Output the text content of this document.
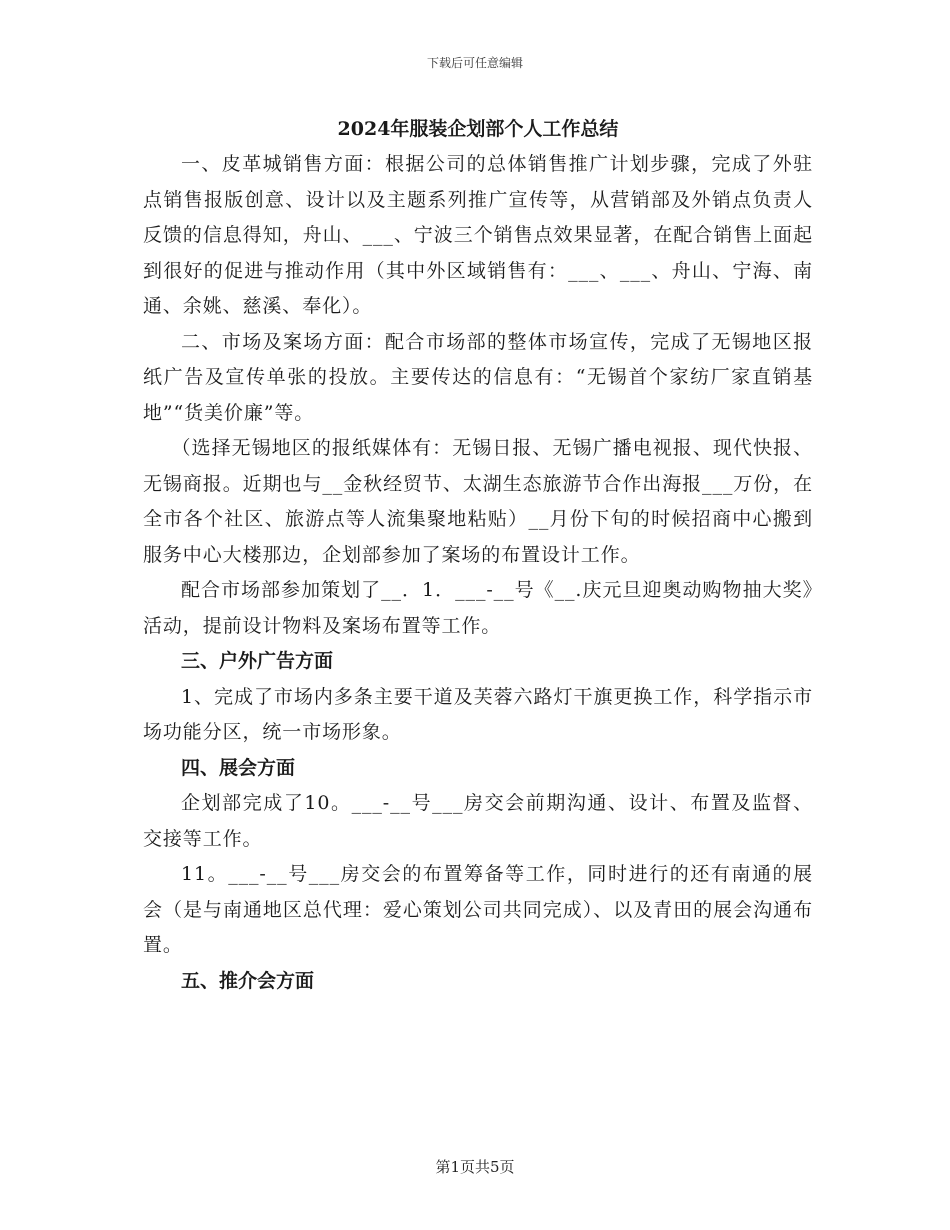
下载后可任意编辑
2024年服装企划部个人工作总结

一、皮革城销售方面：根据公司的总体销售推广计划步骤，完成了外驻点销售报版创意、设计以及主题系列推广宣传等，从营销部及外销点负责人反馈的信息得知，舟山、___、宁波三个销售点效果显著，在配合销售上面起到很好的促进与推动作用（其中外区域销售有：___、___、舟山、宁海、南通、余姚、慈溪、奉化）。

二、市场及案场方面：配合市场部的整体市场宣传，完成了无锡地区报纸广告及宣传单张的投放。主要传达的信息有：“无锡首个家纺厂家直销基地”“货美价廉”等。

（选择无锡地区的报纸媒体有：无锡日报、无锡广播电视报、现代快报、无锡商报。近期也与__金秋经贸节、太湖生态旅游节合作出海报___万份，在全市各个社区、旅游点等人流集聚地粘贴）__月份下旬的时候招商中心搬到服务中心大楼那边，企划部参加了案场的布置设计工作。

配合市场部参加策划了__．1．___-__号《__.庆元旦迎奥动购物抽大奖》活动，提前设计物料及案场布置等工作。

三、户外广告方面

1、完成了市场内多条主要干道及芙蓉六路灯干旗更换工作，科学指示市场功能分区，统一市场形象。

四、展会方面

企划部完成了10。___-__号___房交会前期沟通、设计、布置及监督、交接等工作。

11。___-__号___房交会的布置筹备等工作，同时进行的还有南通的展会（是与南通地区总代理：爱心策划公司共同完成）、以及青田的展会沟通布置。

五、推介会方面

第1页共5页
